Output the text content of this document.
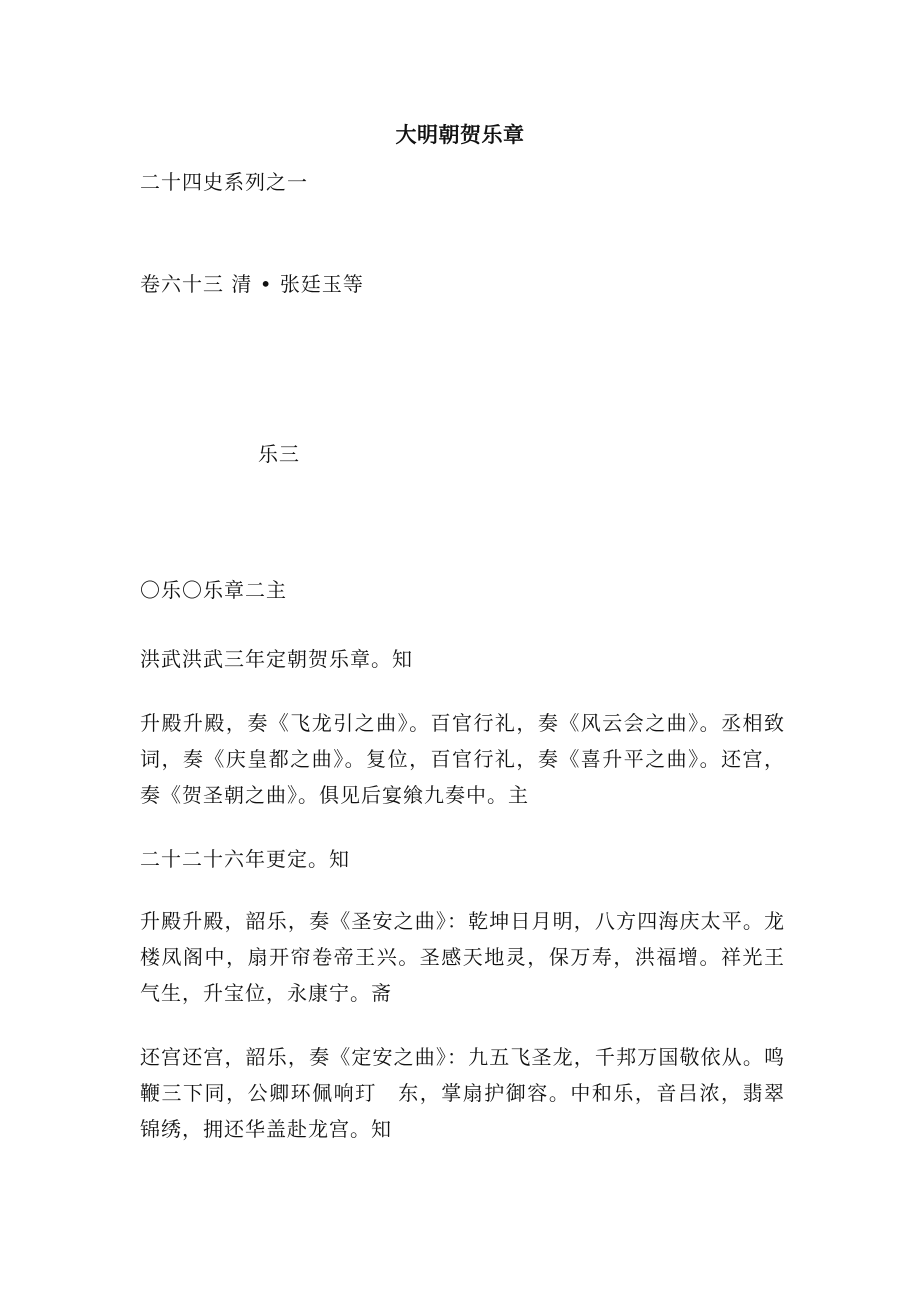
大明朝贺乐章
二十四史系列之一
卷六十三 清 • 张廷玉等
乐三
〇乐〇乐章二主
洪武洪武三年定朝贺乐章。知
升殿升殿，奏《飞龙引之曲》。百官行礼，奏《风云会之曲》。丞相致词，奏《庆皇都之曲》。复位，百官行礼，奏《喜升平之曲》。还宫，奏《贺圣朝之曲》。俱见后宴飨九奏中。主
二十二十六年更定。知
升殿升殿，韶乐，奏《圣安之曲》：乾坤日月明，八方四海庆太平。龙楼凤阁中，扇开帘卷帝王兴。圣感天地灵，保万寿，洪福增。祥光王气生，升宝位，永康宁。斋
还宫还宫，韶乐，奏《定安之曲》：九五飞圣龙，千邦万国敬依从。鸣鞭三下同，公卿环佩响玎　东，掌扇护御容。中和乐，音吕浓，翡翠锦绣，拥还华盖赴龙宫。知
